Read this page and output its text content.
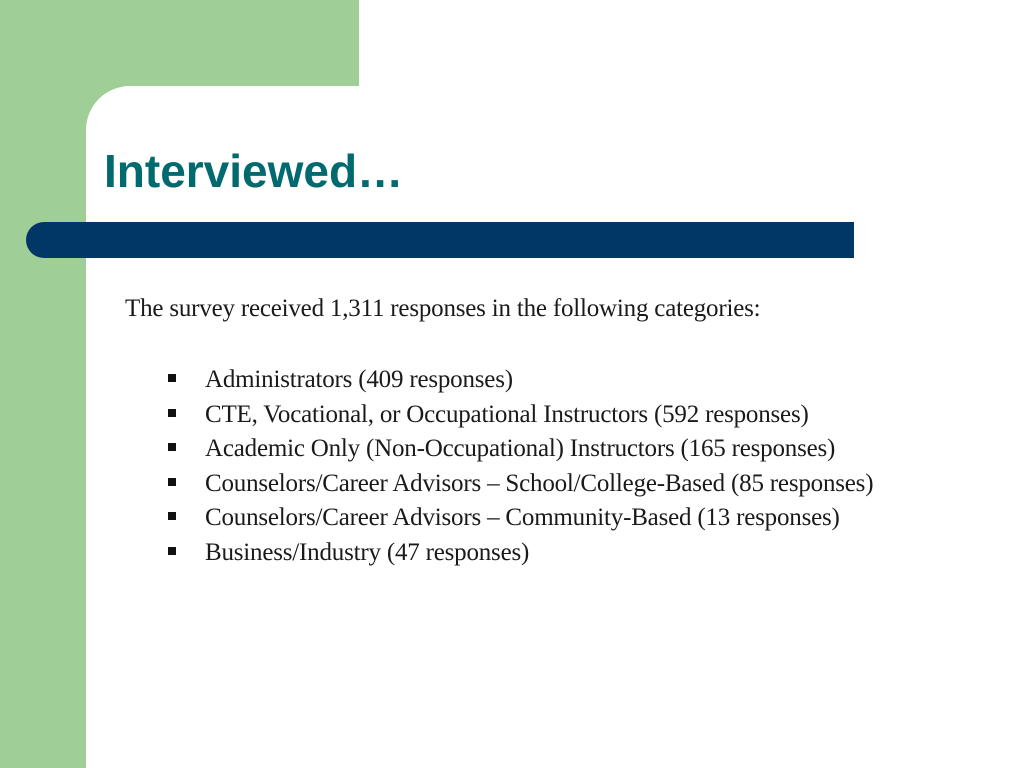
Interviewed…

The survey received 1,311 responses in the following categories:

Administrators (409 responses)
CTE, Vocational, or Occupational Instructors (592 responses)
Academic Only (Non-Occupational) Instructors (165 responses)
Counselors/Career Advisors – School/College-Based (85 responses)
Counselors/Career Advisors – Community-Based (13 responses)
Business/Industry (47 responses)
